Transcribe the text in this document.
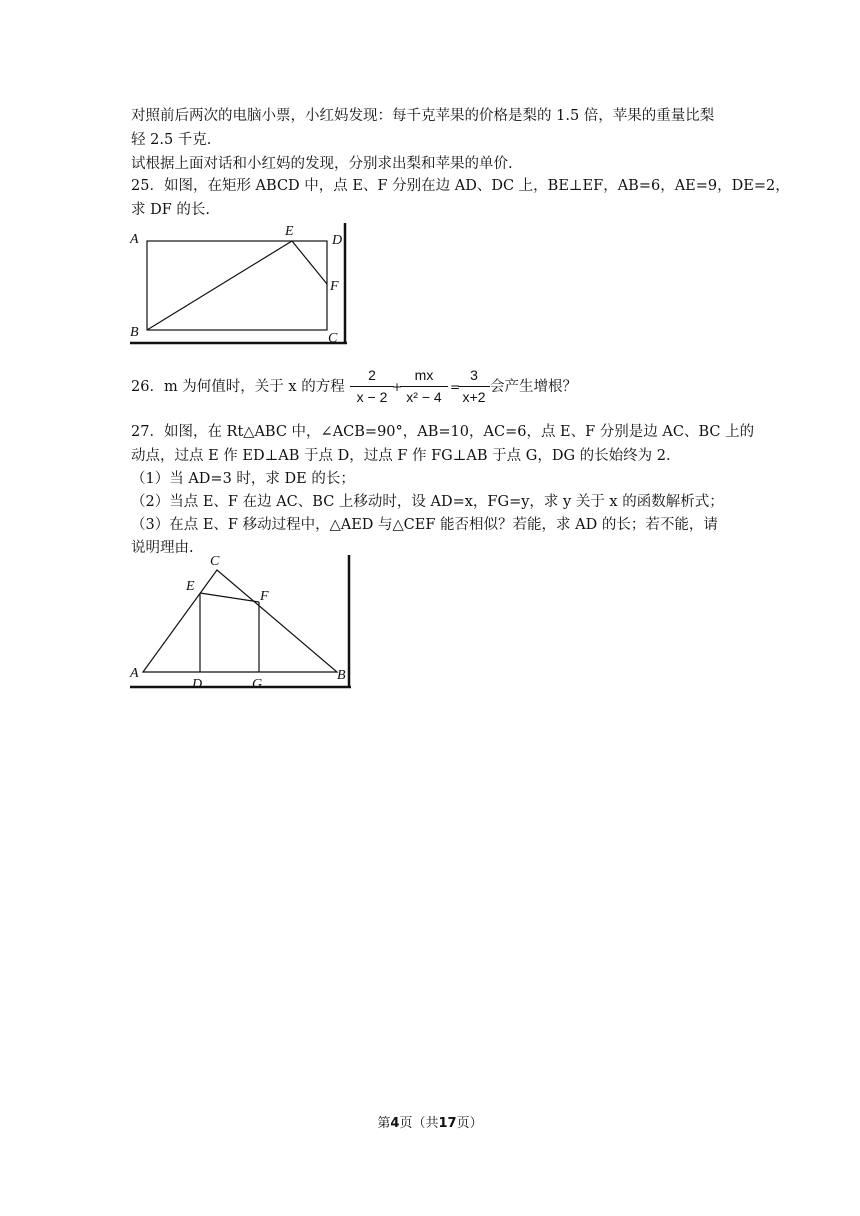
对照前后两次的电脑小票，小红妈发现：每千克苹果的价格是梨的 1.5 倍，苹果的重量比梨
轻 2.5 千克.
试根据上面对话和小红妈的发现，分别求出梨和苹果的单价.
25．如图，在矩形 ABCD 中，点 E、F 分别在边 AD、DC 上，BE⊥EF，AB=6，AE=9，DE=2，
求 DF 的长.
A
B	C
D
E
F
26．m 为何值时，关于 x 的方程
2
x − 2
+
mx
x² − 4
=
3
x+2
会产生增根？
27．如图，在 Rt△ABC 中，∠ACB=90°，AB=10，AC=6，点 E、F 分别是边 AC、BC 上的
动点，过点 E 作 ED⊥AB 于点 D，过点 F 作 FG⊥AB 于点 G，DG 的长始终为 2.
（1）当 AD=3 时，求 DE 的长；
（2）当点 E、F 在边 AC、BC 上移动时，设 AD=x，FG=y，求 y 关于 x 的函数解析式；
（3）在点 E、F 移动过程中，△AED 与△CEF 能否相似？若能，求 AD 的长；若不能，请
说明理由.
A	B
C
D
E
F
G
第4页（共17页）
